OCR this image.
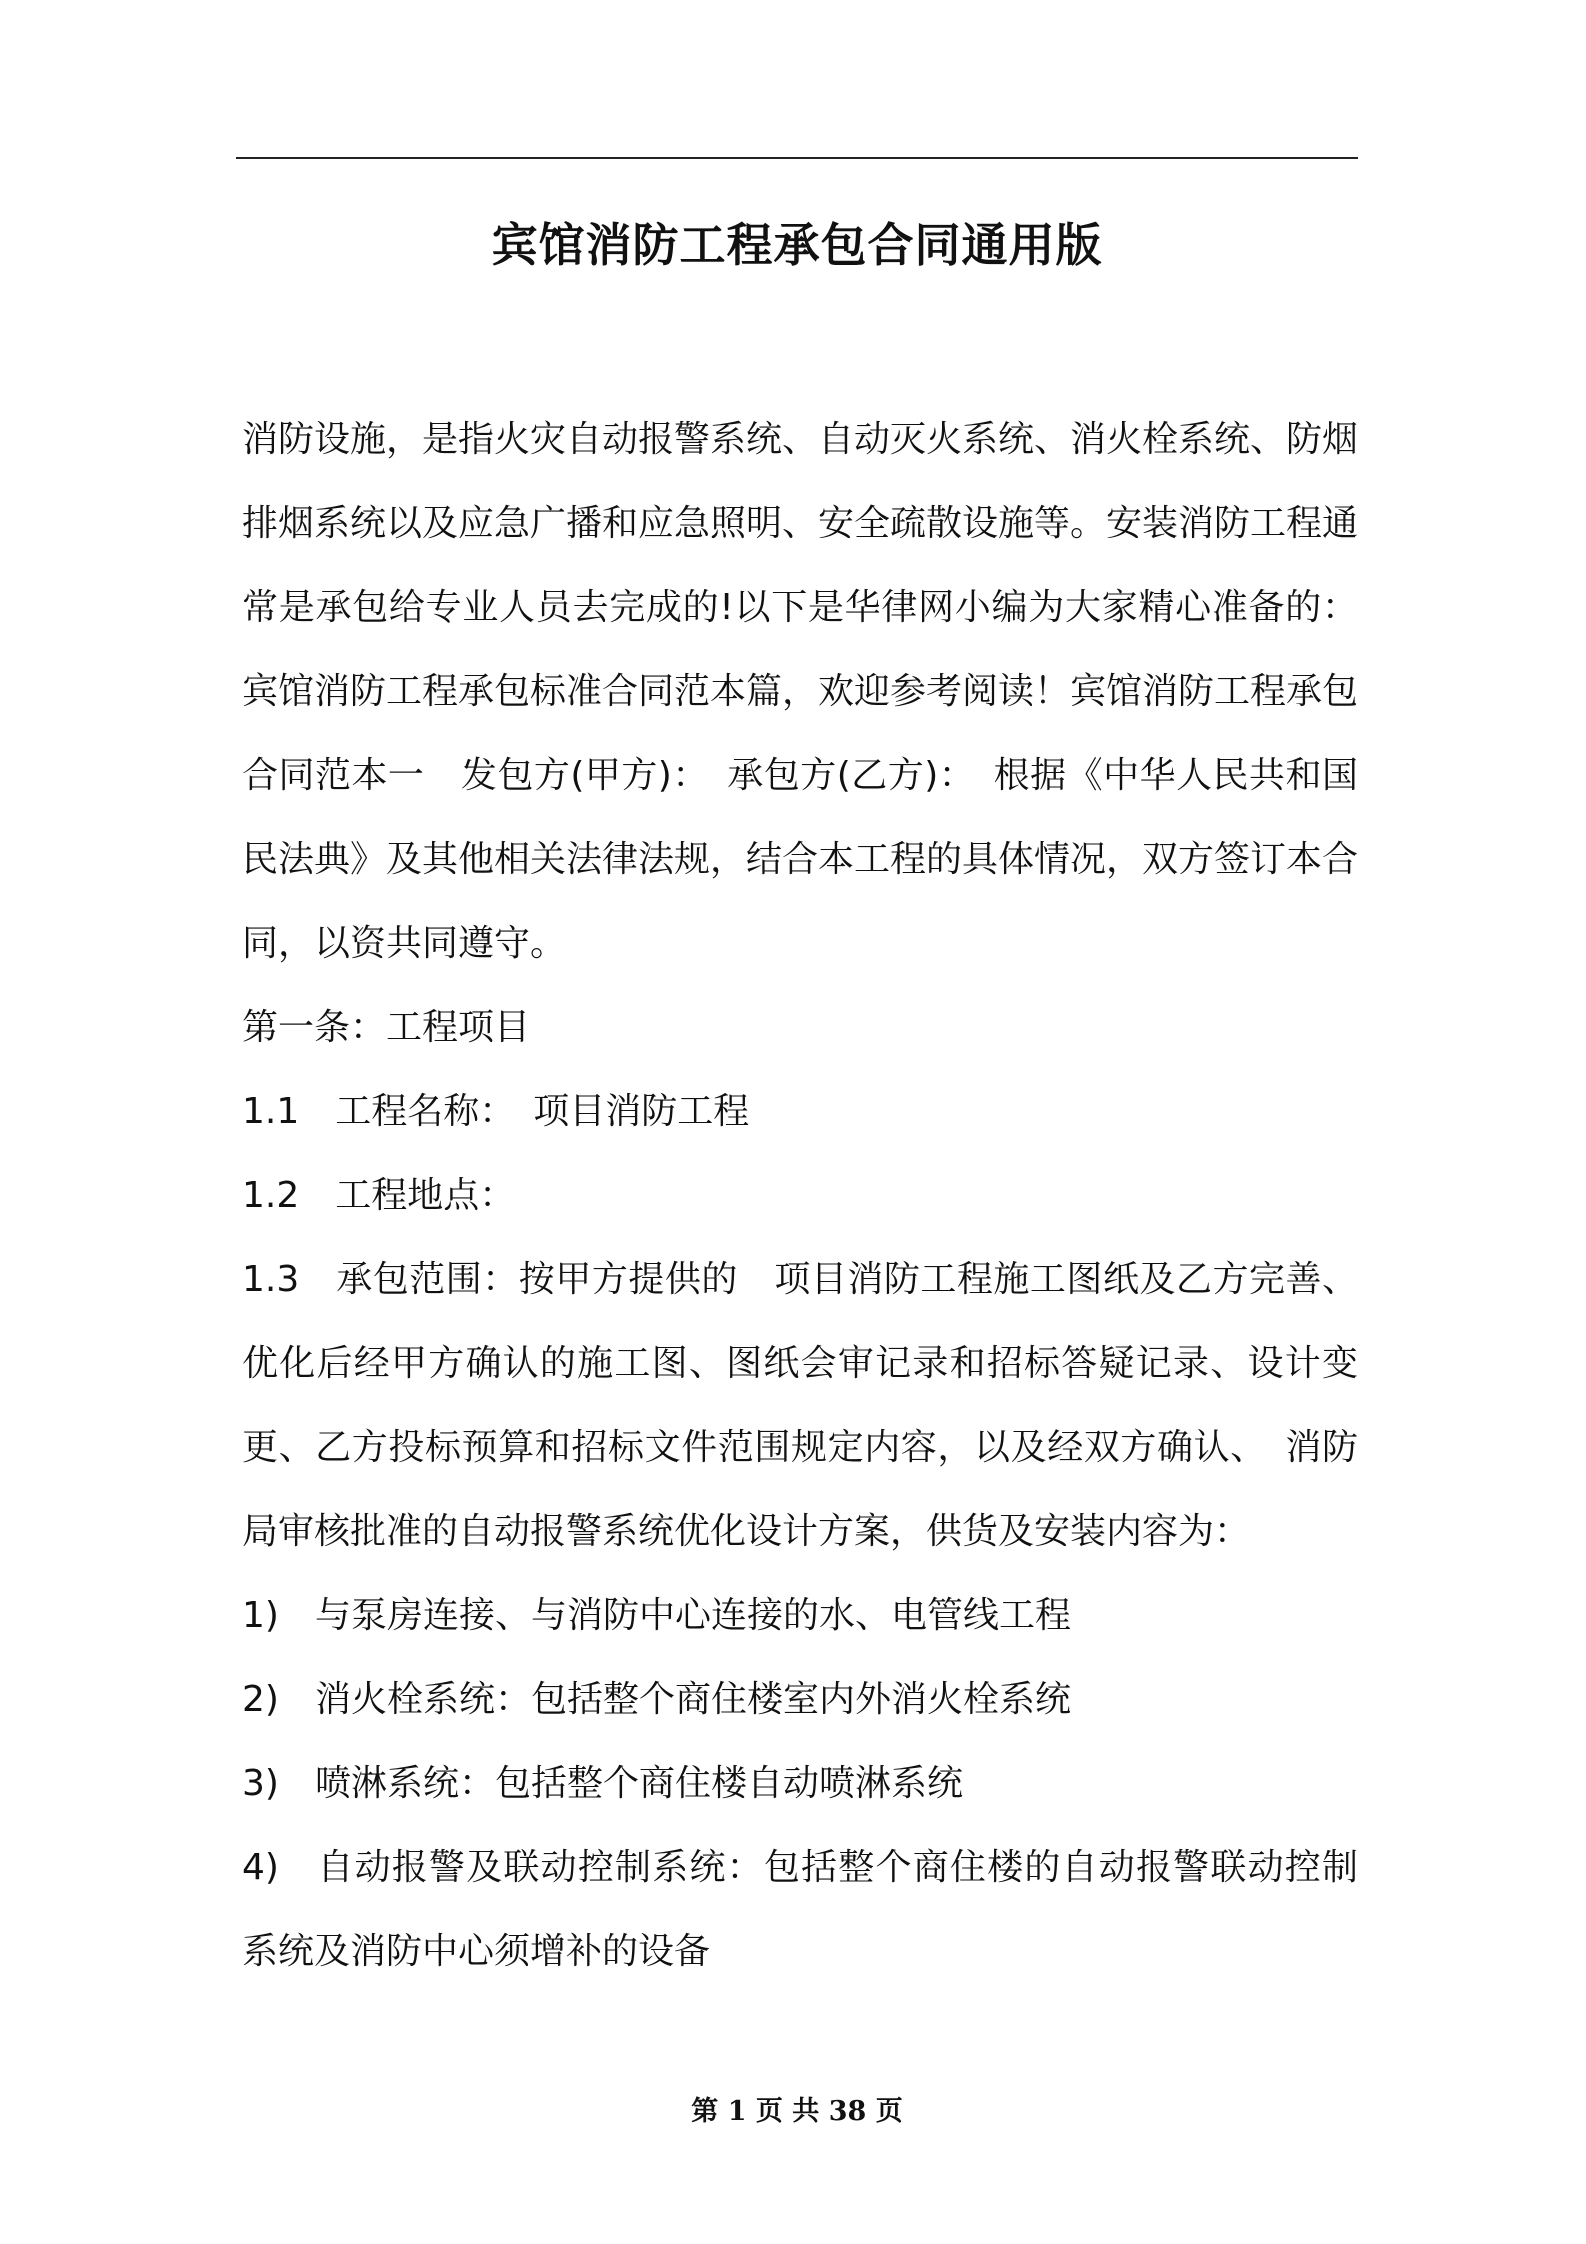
宾馆消防工程承包合同通用版

消防设施，是指火灾自动报警系统、自动灭火系统、消火栓系统、防烟排烟系统以及应急广播和应急照明、安全疏散设施等。安装消防工程通常是承包给专业人员去完成的!以下是华律网小编为大家精心准备的：宾馆消防工程承包标准合同范本篇，欢迎参考阅读！宾馆消防工程承包合同范本一　发包方(甲方)：　承包方(乙方)：　根据《中华人民共和国民法典》及其他相关法律法规，结合本工程的具体情况，双方签订本合同，以资共同遵守。

第一条：工程项目

1.1　工程名称：　项目消防工程

1.2　工程地点：

1.3　承包范围：按甲方提供的　项目消防工程施工图纸及乙方完善、优化后经甲方确认的施工图、图纸会审记录和招标答疑记录、设计变更、乙方投标预算和招标文件范围规定内容，以及经双方确认、　消防局审核批准的自动报警系统优化设计方案，供货及安装内容为：

1)　与泵房连接、与消防中心连接的水、电管线工程

2)　消火栓系统：包括整个商住楼室内外消火栓系统

3)　喷淋系统：包括整个商住楼自动喷淋系统

4)　自动报警及联动控制系统：包括整个商住楼的自动报警联动控制系统及消防中心须增补的设备

第 1 页 共 38 页
